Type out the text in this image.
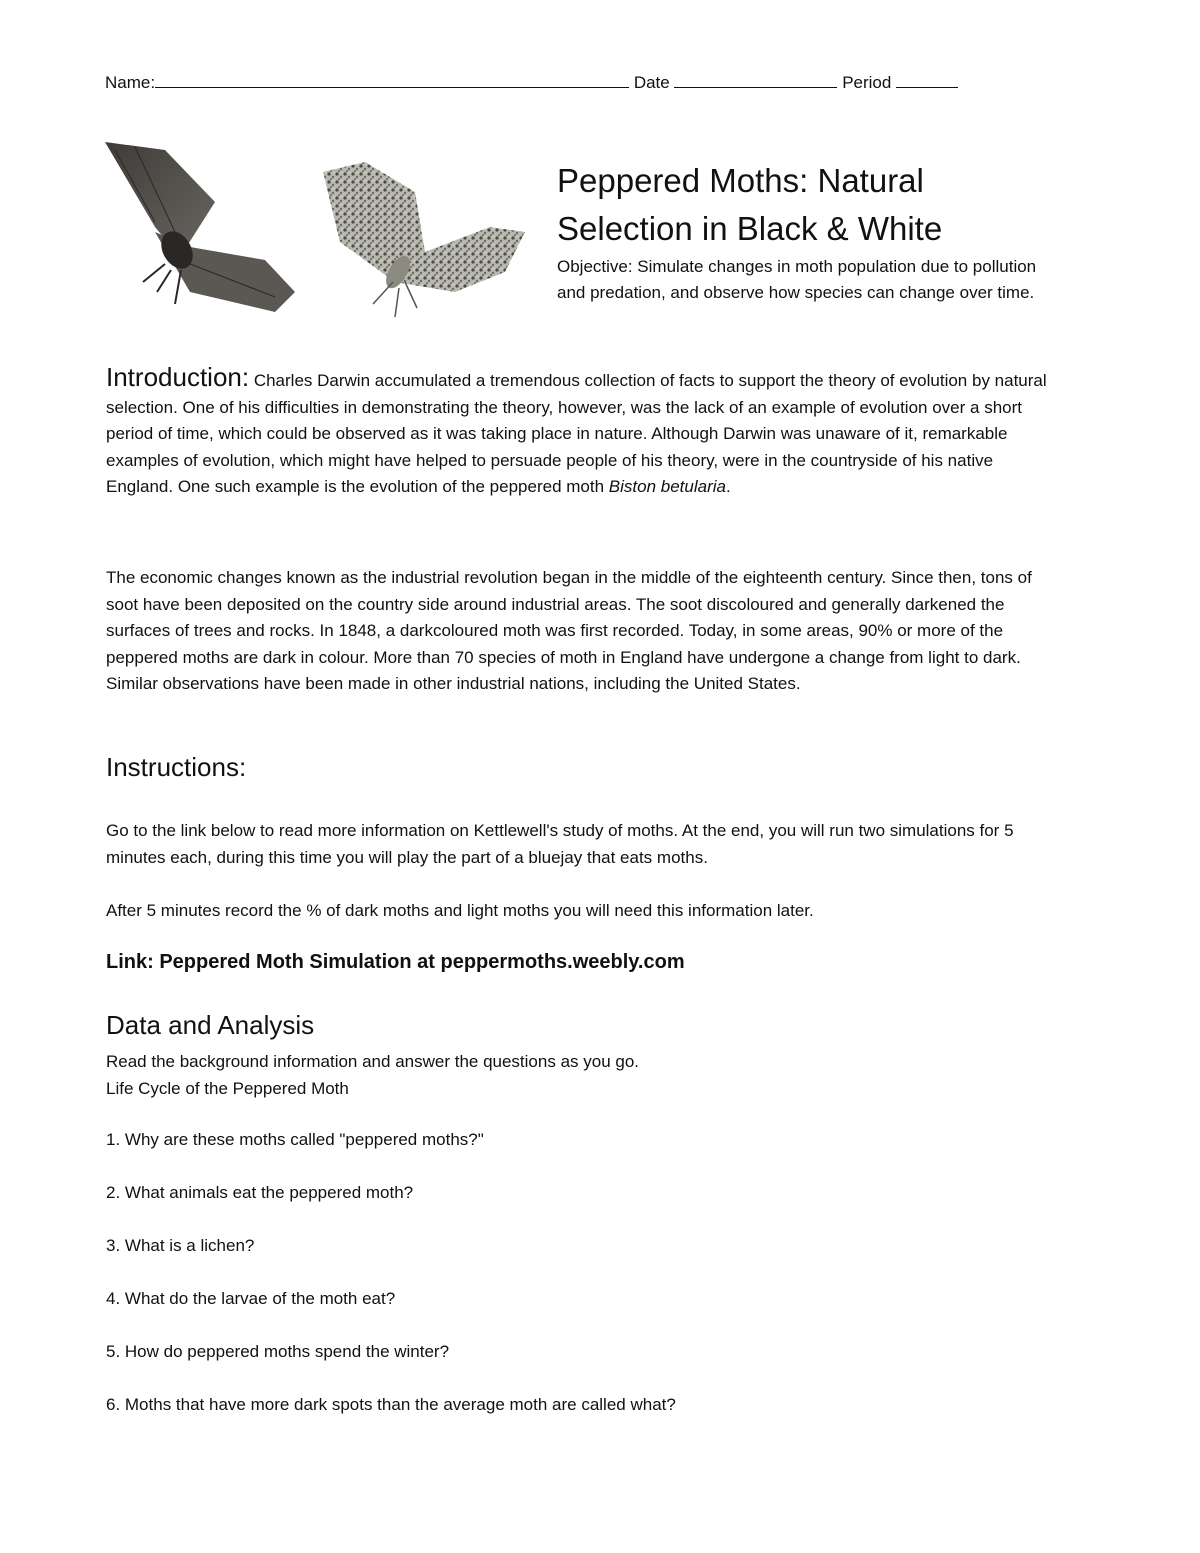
Name:	Date	Period
Peppered Moths: Natural
Selection in Black & White
Objective: Simulate changes in moth population due to pollution and predation, and observe how species can change over time.
Introduction: Charles Darwin accumulated a tremendous collection of facts to support the theory of evolution by natural selection. One of his difficulties in demonstrating the theory, however, was the lack of an example of evolution over a short period of time, which could be observed as it was taking place in nature. Although Darwin was unaware of it, remarkable examples of evolution, which might have helped to persuade people of his theory, were in the countryside of his native England. One such example is the evolution of the peppered moth Biston betularia.
The economic changes known as the industrial revolution began in the middle of the eighteenth century. Since then, tons of soot have been deposited on the country side around industrial areas. The soot discoloured and generally darkened the surfaces of trees and rocks. In 1848, a darkcoloured moth was first recorded. Today, in some areas, 90% or more of the peppered moths are dark in colour. More than 70 species of moth in England have undergone a change from light to dark. Similar observations have been made in other industrial nations, including the United States.
Instructions:
Go to the link below to read more information on Kettlewell's study of moths. At the end, you will run two simulations for 5 minutes each, during this time you will play the part of a bluejay that eats moths.
After 5 minutes record the % of dark moths and light moths you will need this information later.
Link: Peppered Moth Simulation at peppermoths.weebly.com
Data and Analysis
Read the background information and answer the questions as you go.
Life Cycle of the Peppered Moth
1. Why are these moths called "peppered moths?"
2. What animals eat the peppered moth?
3. What is a lichen?
4. What do the larvae of the moth eat?
5. How do peppered moths spend the winter?
6. Moths that have more dark spots than the average moth are called what?
